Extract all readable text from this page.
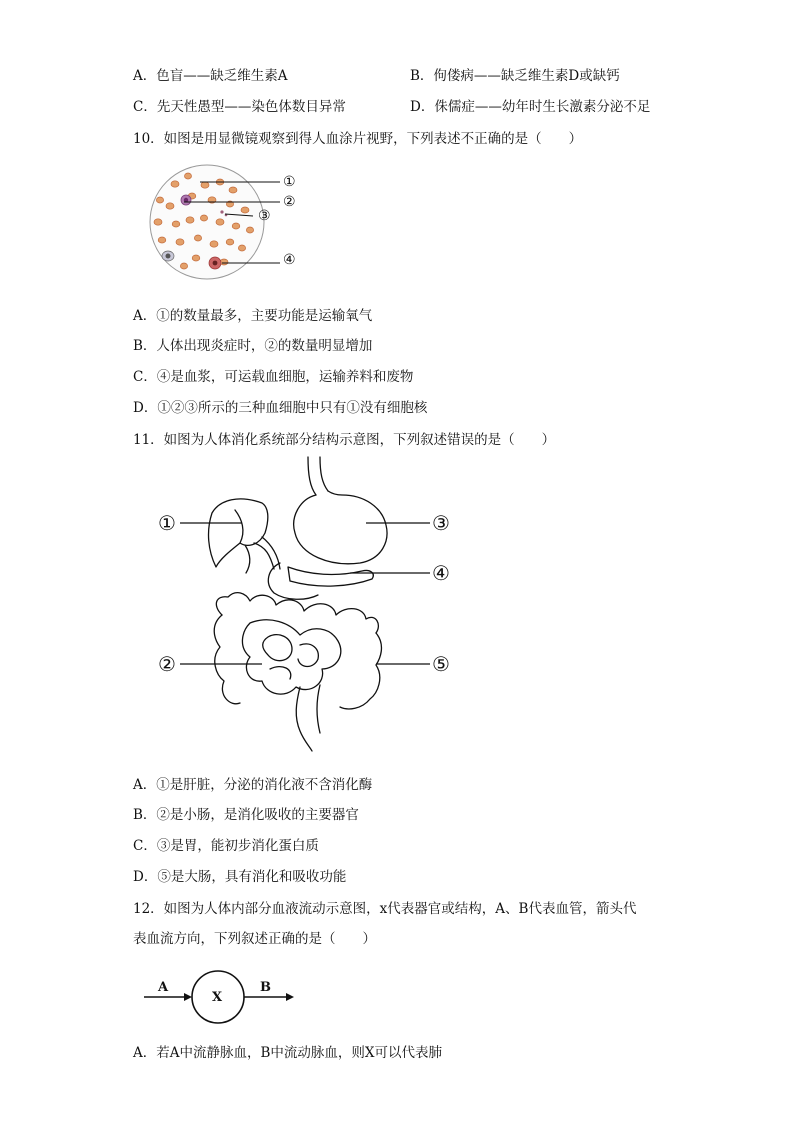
A．色盲——缺乏维生素A	B．佝偻病——缺乏维生素D或缺钙
C．先天性愚型——染色体数目异常	D．侏儒症——幼年时生长激素分泌不足
10．如图是用显微镜观察到得人血涂片视野，下列表述不正确的是（　　）
①
②
③
④
A．①的数量最多，主要功能是运输氧气
B．人体出现炎症时，②的数量明显增加
C．④是血浆，可运载血细胞，运输养料和废物
D．①②③所示的三种血细胞中只有①没有细胞核
11．如图为人体消化系统部分结构示意图，下列叙述错误的是（　　）
①
②
③
④
⑤
A．①是肝脏，分泌的消化液不含消化酶
B．②是小肠，是消化吸收的主要器官
C．③是胃，能初步消化蛋白质
D．⑤是大肠，具有消化和吸收功能
12．如图为人体内部分血液流动示意图，x代表器官或结构，A、B代表血管，箭头代
表血流方向，下列叙述正确的是（　　）
A
X
B
A．若A中流静脉血，B中流动脉血，则X可以代表肺
